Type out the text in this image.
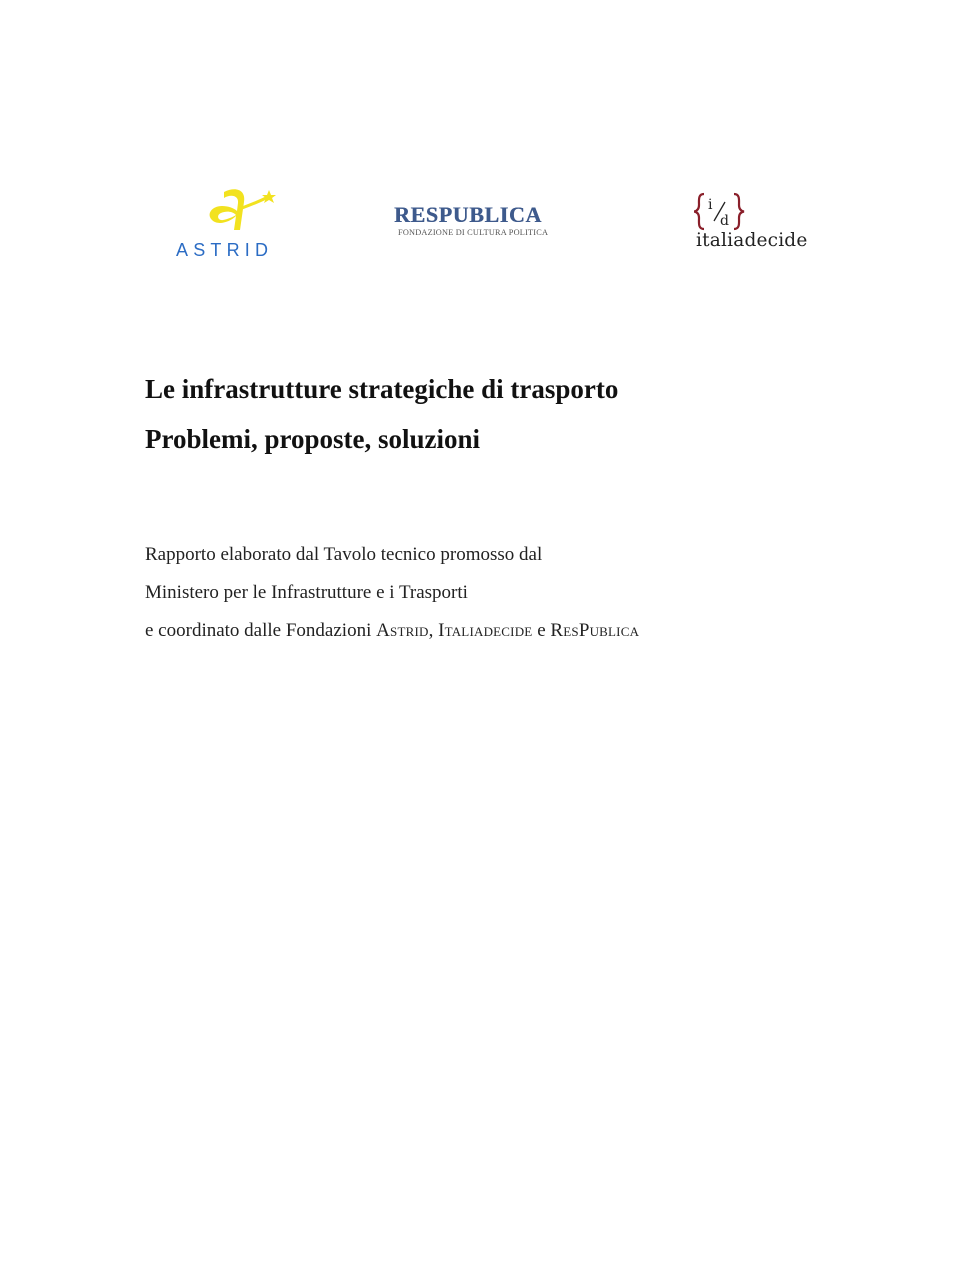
ASTRID
RESPUBLICA
FONDAZIONE DI CULTURA POLITICA
i
d
italiadecide
Le infrastrutture strategiche di trasporto
Problemi, proposte, soluzioni

Rapporto elaborato dal Tavolo tecnico promosso dal
Ministero per le Infrastrutture e i Trasporti
e coordinato dalle Fondazioni Astrid, Italiadecide e ResPublica
